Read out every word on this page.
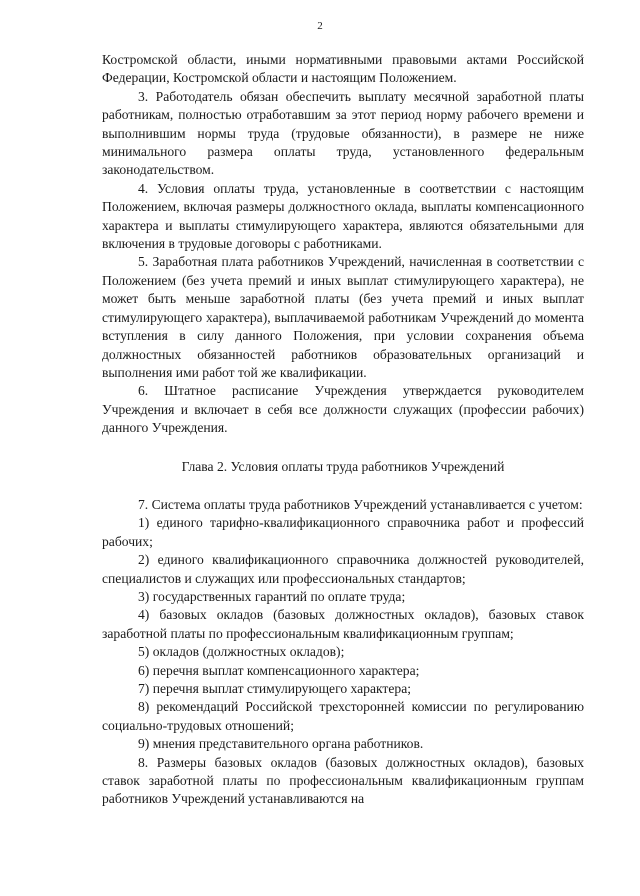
2

Костромской области, иными нормативными правовыми актами Российской Федерации, Костромской области и настоящим Положением.

3. Работодатель обязан обеспечить выплату месячной заработной платы работникам, полностью отработавшим за этот период норму рабочего времени и выполнившим нормы труда (трудовые обязанности), в размере не ниже минимального размера оплаты труда, установленного федеральным законодательством.

4. Условия оплаты труда, установленные в соответствии с настоящим Положением, включая размеры должностного оклада, выплаты компенсационного характера и выплаты стимулирующего характера, являются обязательными для включения в трудовые договоры с работниками.

5. Заработная плата работников Учреждений, начисленная в соответствии с Положением (без учета премий и иных выплат стимулирующего характера), не может быть меньше заработной платы (без учета премий и иных выплат стимулирующего характера), выплачиваемой работникам Учреждений до момента вступления в силу данного Положения, при условии сохранения объема должностных обязанностей работников образовательных организаций и выполнения ими работ той же квалификации.

6. Штатное расписание Учреждения утверждается руководителем Учреждения и включает в себя все должности служащих (профессии рабочих) данного Учреждения.

Глава 2. Условия оплаты труда работников Учреждений

7. Система оплаты труда работников Учреждений устанавливается с учетом:

1) единого тарифно-квалификационного справочника работ и профессий рабочих;

2) единого квалификационного справочника должностей руководителей, специалистов и служащих или профессиональных стандартов;

3) государственных гарантий по оплате труда;

4) базовых окладов (базовых должностных окладов), базовых ставок заработной платы по профессиональным квалификационным группам;

5) окладов (должностных окладов);

6) перечня выплат компенсационного характера;

7) перечня выплат стимулирующего характера;

8) рекомендаций Российской трехсторонней комиссии по регулированию социально-трудовых отношений;

9) мнения представительного органа работников.

8. Размеры базовых окладов (базовых должностных окладов), базовых ставок заработной платы по профессиональным квалификационным группам работников Учреждений устанавливаются на
